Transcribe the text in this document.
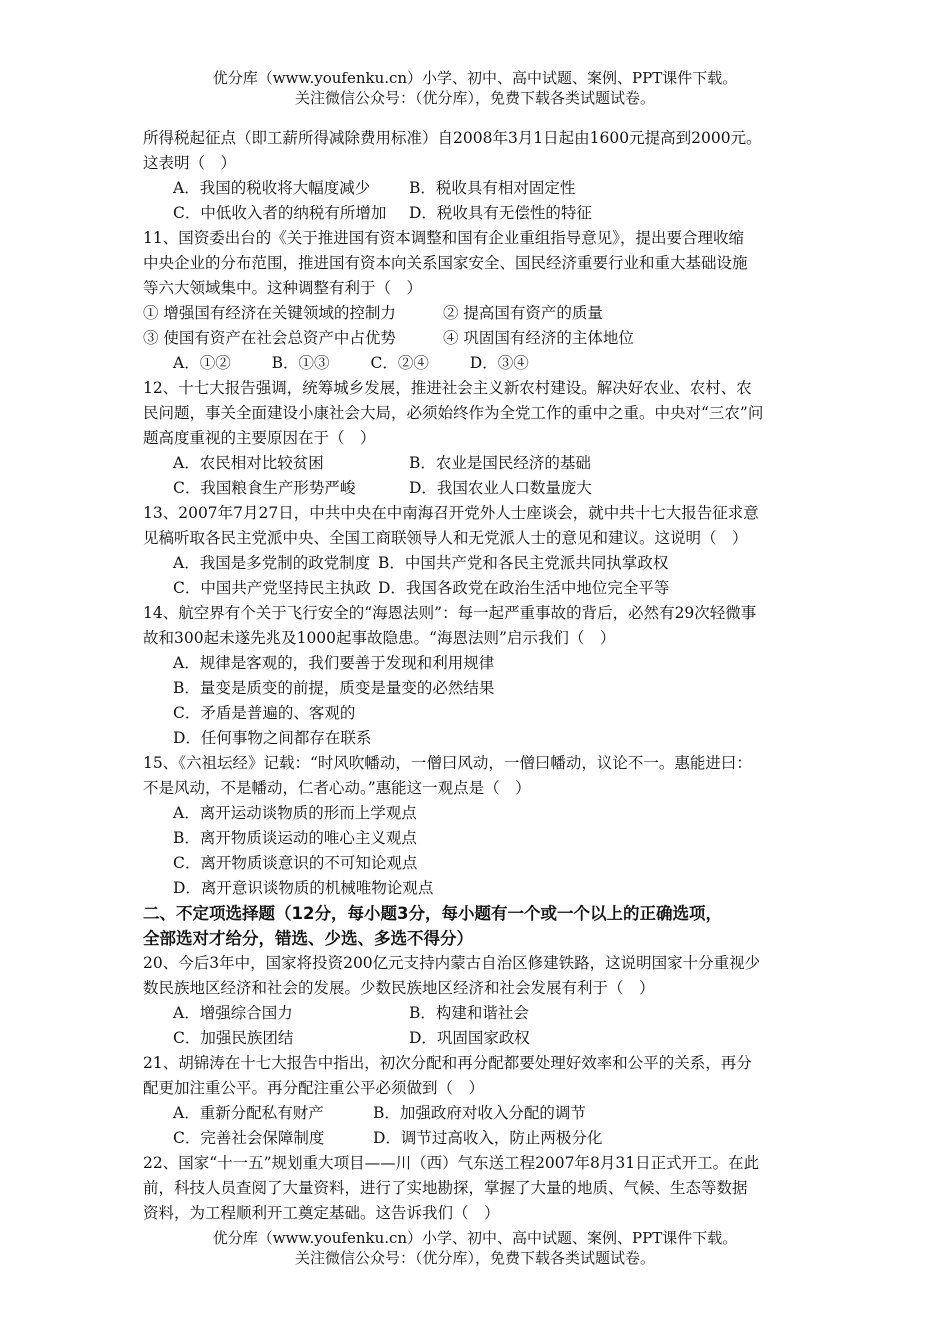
优分库（www.youfenku.cn）小学、初中、高中试题、案例、PPT课件下载。
关注微信公众号：（优分库），免费下载各类试题试卷。

所得税起征点（即工薪所得减除费用标准）自2008年3月1日起由1600元提高到2000元。

这表明（　）

A．我国的税收将大幅度减少	B．税收具有相对固定性
C．中低收入者的纳税有所增加	D．税收具有无偿性的特征

11、国资委出台的《关于推进国有资本调整和国有企业重组指导意见》，提出要合理收缩

中央企业的分布范围，推进国有资本向关系国家安全、国民经济重要行业和重大基础设施

等六大领域集中。这种调整有利于（　）

① 增强国有经济在关键领域的控制力	② 提高国有资产的质量
③ 使国有资产在社会总资产中占优势	④ 巩固国有经济的主体地位
A．①②	B．①③	C．②④	D．③④

12、十七大报告强调，统筹城乡发展，推进社会主义新农村建设。解决好农业、农村、农

民问题，事关全面建设小康社会大局，必须始终作为全党工作的重中之重。中央对“三农”问

题高度重视的主要原因在于（　）

A．农民相对比较贫困	B．农业是国民经济的基础
C．我国粮食生产形势严峻	D．我国农业人口数量庞大

13、2007年7月27日，中共中央在中南海召开党外人士座谈会，就中共十七大报告征求意

见稿听取各民主党派中央、全国工商联领导人和无党派人士的意见和建议。这说明（　）

A．我国是多党制的政党制度 B．中国共产党和各民主党派共同执掌政权
C．中国共产党坚持民主执政 D．我国各政党在政治生活中地位完全平等

14、航空界有个关于飞行安全的“海恩法则”：每一起严重事故的背后，必然有29次轻微事

故和300起未遂先兆及1000起事故隐患。“海恩法则”启示我们（　）

A．规律是客观的，我们要善于发现和利用规律
B．量变是质变的前提，质变是量变的必然结果
C．矛盾是普遍的、客观的
D．任何事物之间都存在联系

15、《六祖坛经》记载：“时风吹幡动，一僧曰风动，一僧曰幡动，议论不一。惠能进曰：

不是风动，不是幡动，仁者心动。”惠能这一观点是（　）

A．离开运动谈物质的形而上学观点
B．离开物质谈运动的唯心主义观点
C．离开物质谈意识的不可知论观点
D．离开意识谈物质的机械唯物论观点

二、不定项选择题（12分，每小题3分，每小题有一个或一个以上的正确选项，

全部选对才给分，错选、少选、多选不得分）

20、今后3年中，国家将投资200亿元支持内蒙古自治区修建铁路，这说明国家十分重视少

数民族地区经济和社会的发展。少数民族地区经济和社会发展有利于（　）

A．增强综合国力	B．构建和谐社会
C．加强民族团结	D．巩固国家政权

21、胡锦涛在十七大报告中指出，初次分配和再分配都要处理好效率和公平的关系，再分

配更加注重公平。再分配注重公平必须做到（　）

A．重新分配私有财产	B．加强政府对收入分配的调节
C．完善社会保障制度	D．调节过高收入，防止两极分化

22、国家“十一五”规划重大项目——川（西）气东送工程2007年8月31日正式开工。在此

前，科技人员查阅了大量资料，进行了实地勘探，掌握了大量的地质、气候、生态等数据

资料，为工程顺利开工奠定基础。这告诉我们（　）

优分库（www.youfenku.cn）小学、初中、高中试题、案例、PPT课件下载。
关注微信公众号：（优分库），免费下载各类试题试卷。
